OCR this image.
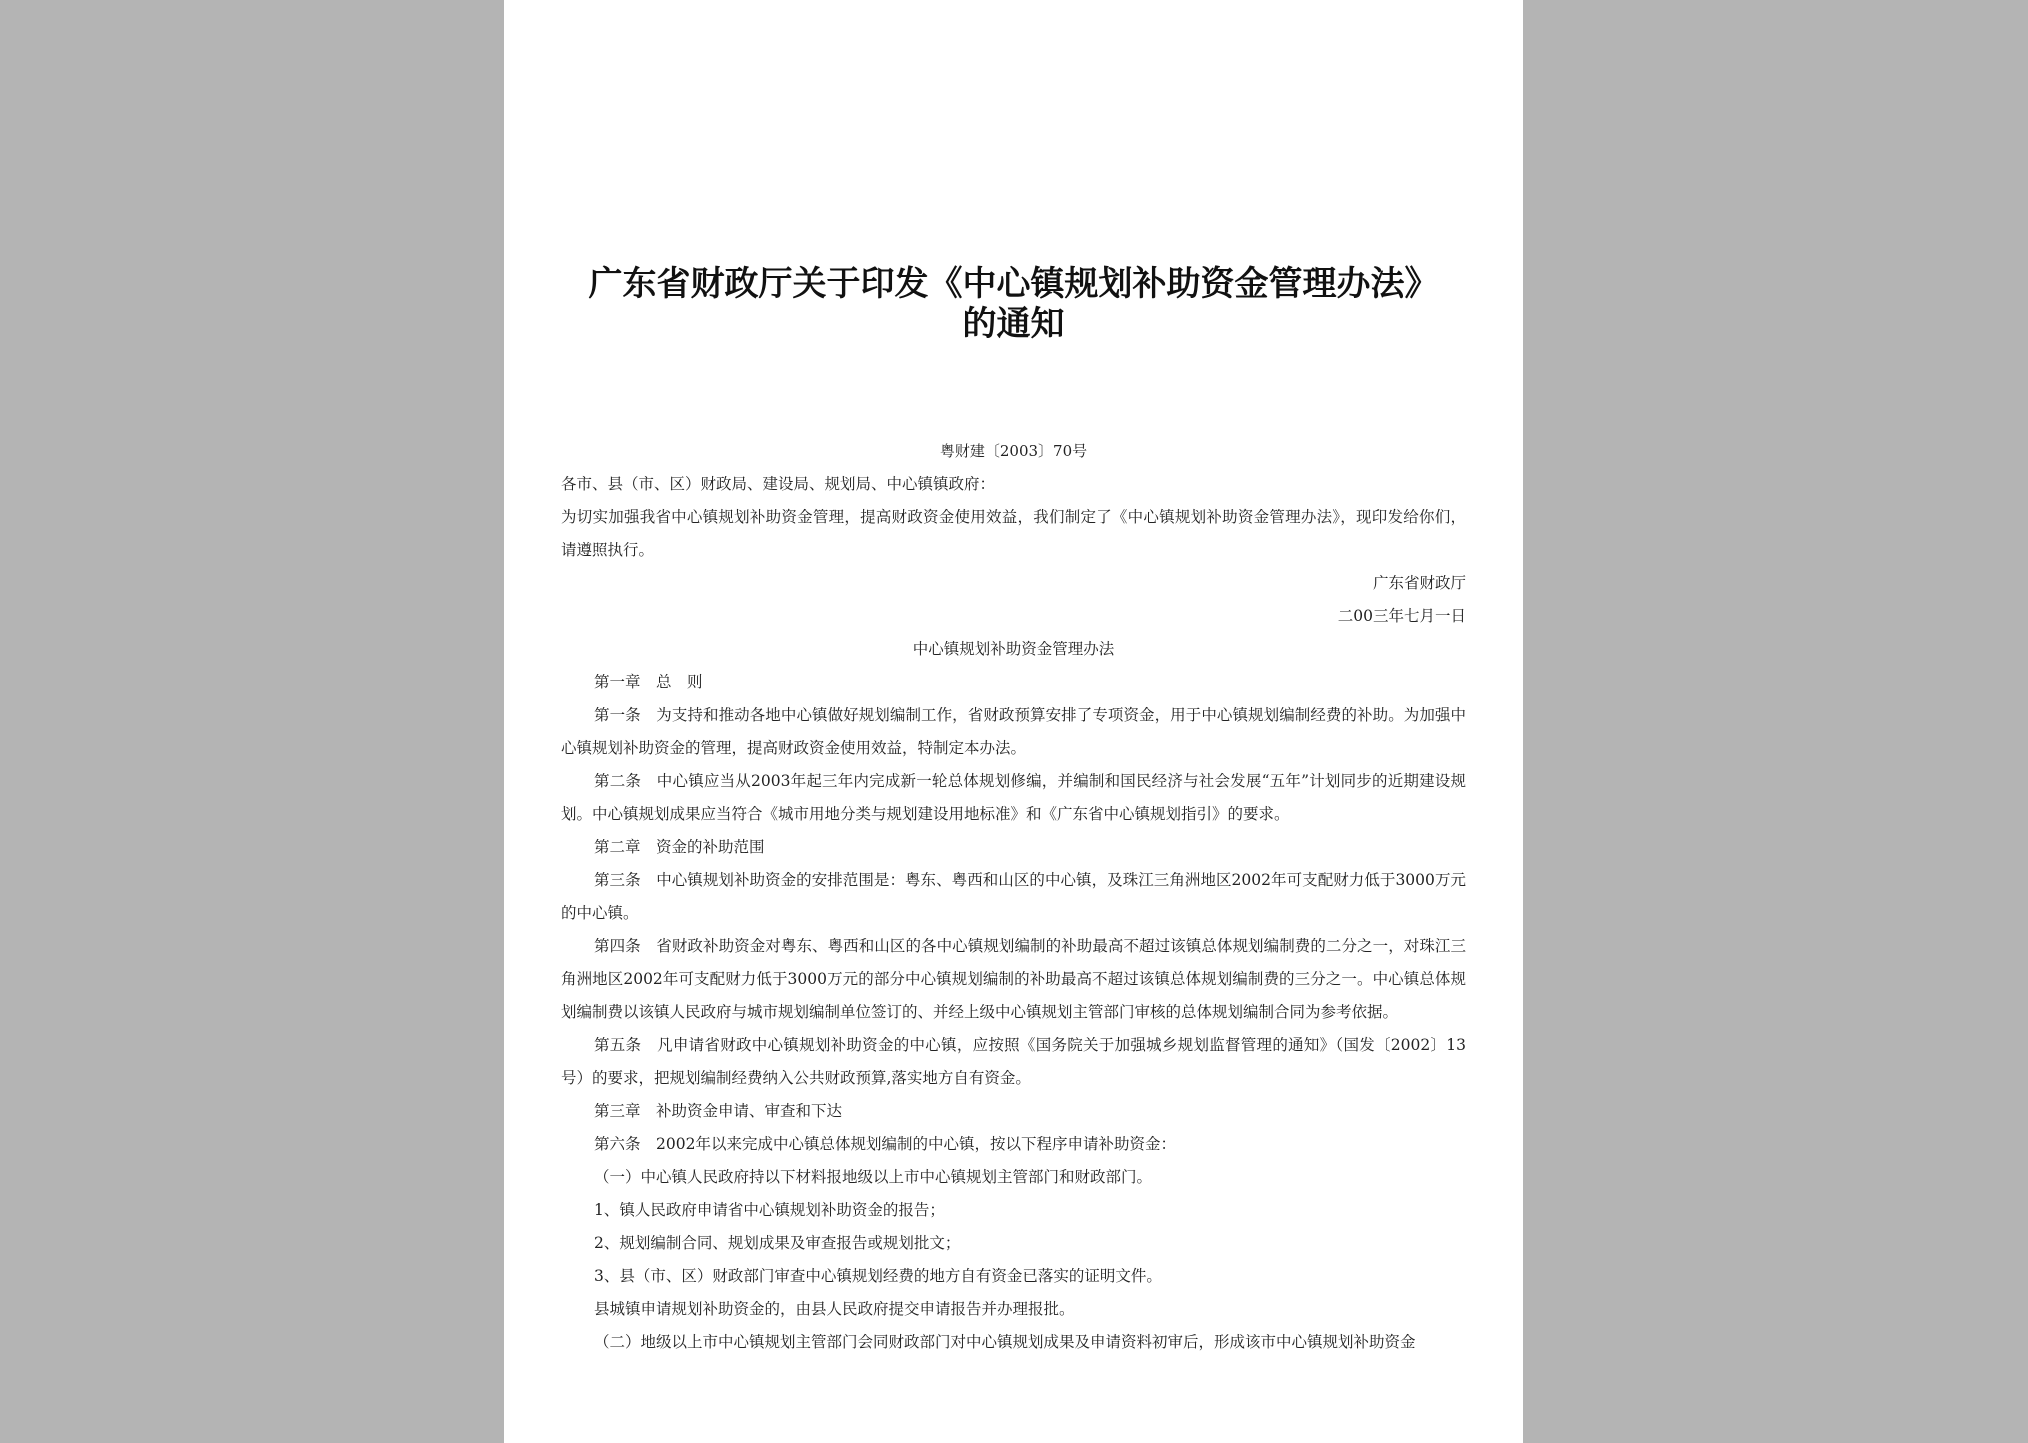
广东省财政厅关于印发《中心镇规划补助资金管理办法》的通知
粤财建〔2003〕70号
各市、县（市、区）财政局、建设局、规划局、中心镇镇政府：
为切实加强我省中心镇规划补助资金管理，提高财政资金使用效益，我们制定了《中心镇规划补助资金管理办法》，现印发给你们，请遵照执行。
广东省财政厅
二00三年七月一日
中心镇规划补助资金管理办法
第一章　总　则
第一条　为支持和推动各地中心镇做好规划编制工作，省财政预算安排了专项资金，用于中心镇规划编制经费的补助。为加强中心镇规划补助资金的管理，提高财政资金使用效益，特制定本办法。
第二条　中心镇应当从2003年起三年内完成新一轮总体规划修编，并编制和国民经济与社会发展“五年”计划同步的近期建设规划。中心镇规划成果应当符合《城市用地分类与规划建设用地标准》和《广东省中心镇规划指引》的要求。
第二章　资金的补助范围
第三条　中心镇规划补助资金的安排范围是：粤东、粤西和山区的中心镇，及珠江三角洲地区2002年可支配财力低于3000万元的中心镇。
第四条　省财政补助资金对粤东、粤西和山区的各中心镇规划编制的补助最高不超过该镇总体规划编制费的二分之一，对珠江三角洲地区2002年可支配财力低于3000万元的部分中心镇规划编制的补助最高不超过该镇总体规划编制费的三分之一。中心镇总体规划编制费以该镇人民政府与城市规划编制单位签订的、并经上级中心镇规划主管部门审核的总体规划编制合同为参考依据。
第五条　凡申请省财政中心镇规划补助资金的中心镇，应按照《国务院关于加强城乡规划监督管理的通知》（国发〔2002〕13号）的要求，把规划编制经费纳入公共财政预算,落实地方自有资金。
第三章　补助资金申请、审查和下达
第六条　2002年以来完成中心镇总体规划编制的中心镇，按以下程序申请补助资金：
（一）中心镇人民政府持以下材料报地级以上市中心镇规划主管部门和财政部门。
1、镇人民政府申请省中心镇规划补助资金的报告；
2、规划编制合同、规划成果及审查报告或规划批文；
3、县（市、区）财政部门审查中心镇规划经费的地方自有资金已落实的证明文件。
县城镇申请规划补助资金的，由县人民政府提交申请报告并办理报批。
（二）地级以上市中心镇规划主管部门会同财政部门对中心镇规划成果及申请资料初审后，形成该市中心镇规划补助资金
